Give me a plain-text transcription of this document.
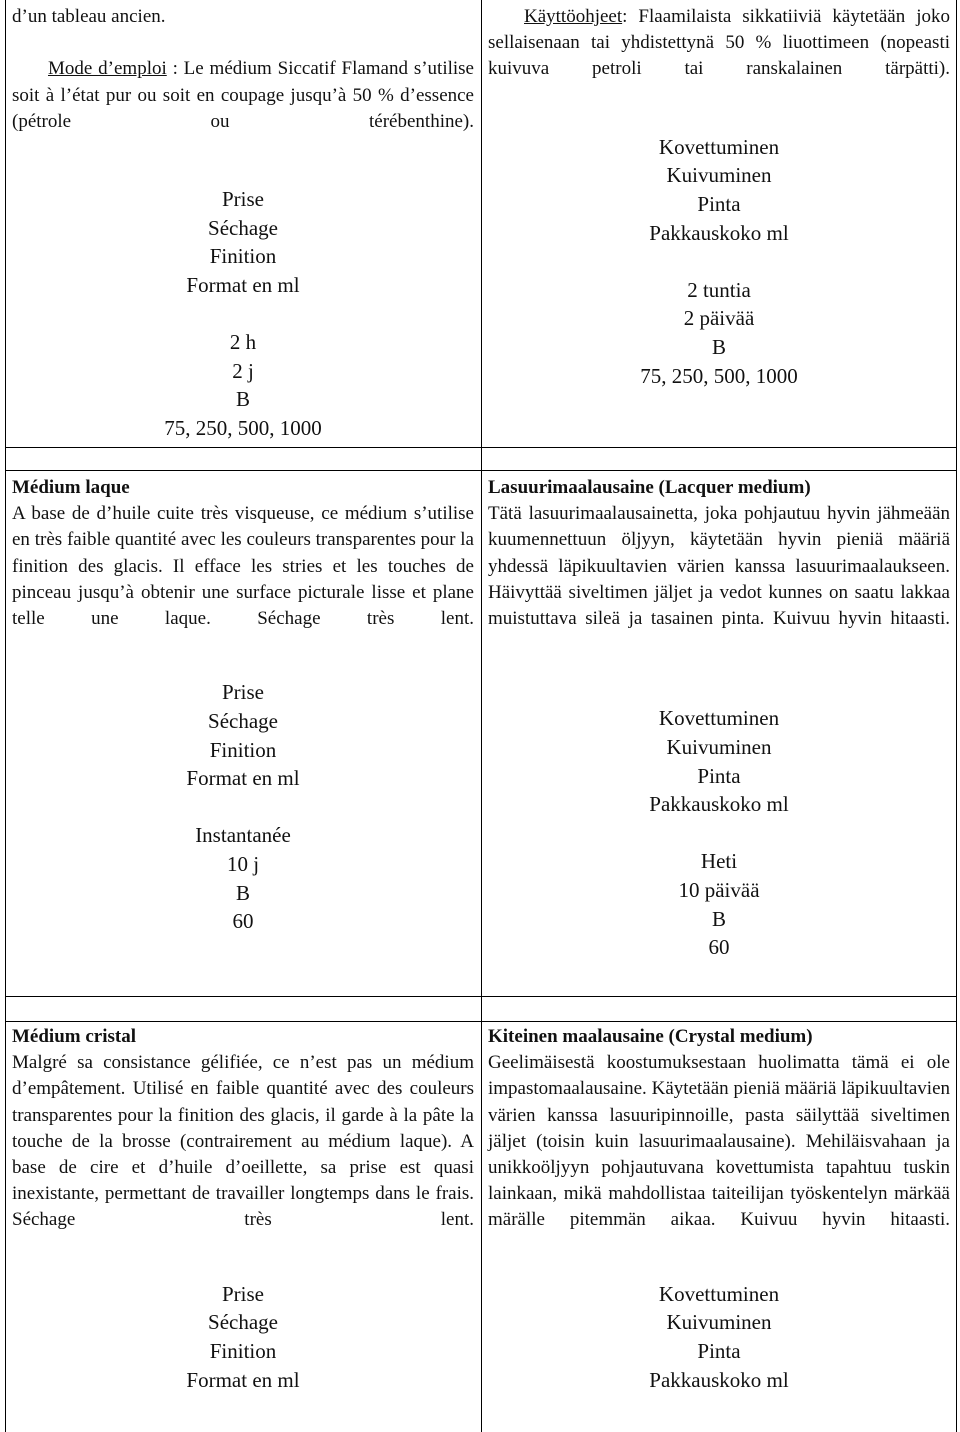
d’un tableau ancien.

Mode d’emploi : Le médium Siccatif Flamand s’utilise soit à l’état pur ou soit en coupage jusqu’à 50 % d’essence (pétrole ou térébenthine).

Prise
Séchage
Finition
Format en ml
2 h
2 j
B
75, 250, 500, 1000

Käyttöohjeet: Flaamilaista sikkatiiviä käytetään joko sellaisenaan tai yhdistettynä 50 % liuottimeen (nopeasti kuivuva petroli tai ranskalainen tärpätti).

Kovettuminen
Kuivuminen
Pinta
Pakkauskoko ml
2 tuntia
2 päivää
B
75, 250, 500, 1000
Médium laque

A base de d’huile cuite très visqueuse, ce médium s’utilise en très faible quantité avec les couleurs transparentes pour la finition des glacis. Il efface les stries et les touches de pinceau jusqu’à obtenir une surface picturale lisse et plane telle une laque. Séchage très lent.

Prise
Séchage
Finition
Format en ml
Instantanée
10 j
B
60
Lasuurimaalausaine (Lacquer medium)

Tätä lasuurimaalausainetta, joka pohjautuu hyvin jähmeään kuumennettuun öljyyn, käytetään hyvin pieniä määriä yhdessä läpikuultavien värien kanssa lasuurimaalaukseen. Häivyttää siveltimen jäljet ja vedot kunnes on saatu lakkaa muistuttava sileä ja tasainen pinta. Kuivuu hyvin hitaasti.

Kovettuminen
Kuivuminen
Pinta
Pakkauskoko ml
Heti
10 päivää
B
60
Médium cristal

Malgré sa consistance gélifiée, ce n’est pas un médium d’empâtement. Utilisé en faible quantité avec des couleurs transparentes pour la finition des glacis, il garde à la pâte la touche de la brosse (contrairement au médium laque). A base de cire et d’huile d’oeillette, sa prise est quasi inexistante, permettant de travailler longtemps dans le frais. Séchage très lent.

Prise
Séchage
Finition
Format en ml
Kiteinen maalausaine (Crystal medium)

Geelimäisestä koostumuksestaan huolimatta tämä ei ole impastomaalausaine. Käytetään pieniä määriä läpikuultavien värien kanssa lasuuripinnoille, pasta säilyttää siveltimen jäljet (toisin kuin lasuurimaalausaine). Mehiläisvahaan ja unikkoöljyyn pohjautuvana kovettumista tapahtuu tuskin lainkaan, mikä mahdollistaa taiteilijan työskentelyn märkää märälle pitemmän aikaa. Kuivuu hyvin hitaasti.

Kovettuminen
Kuivuminen
Pinta
Pakkauskoko ml
